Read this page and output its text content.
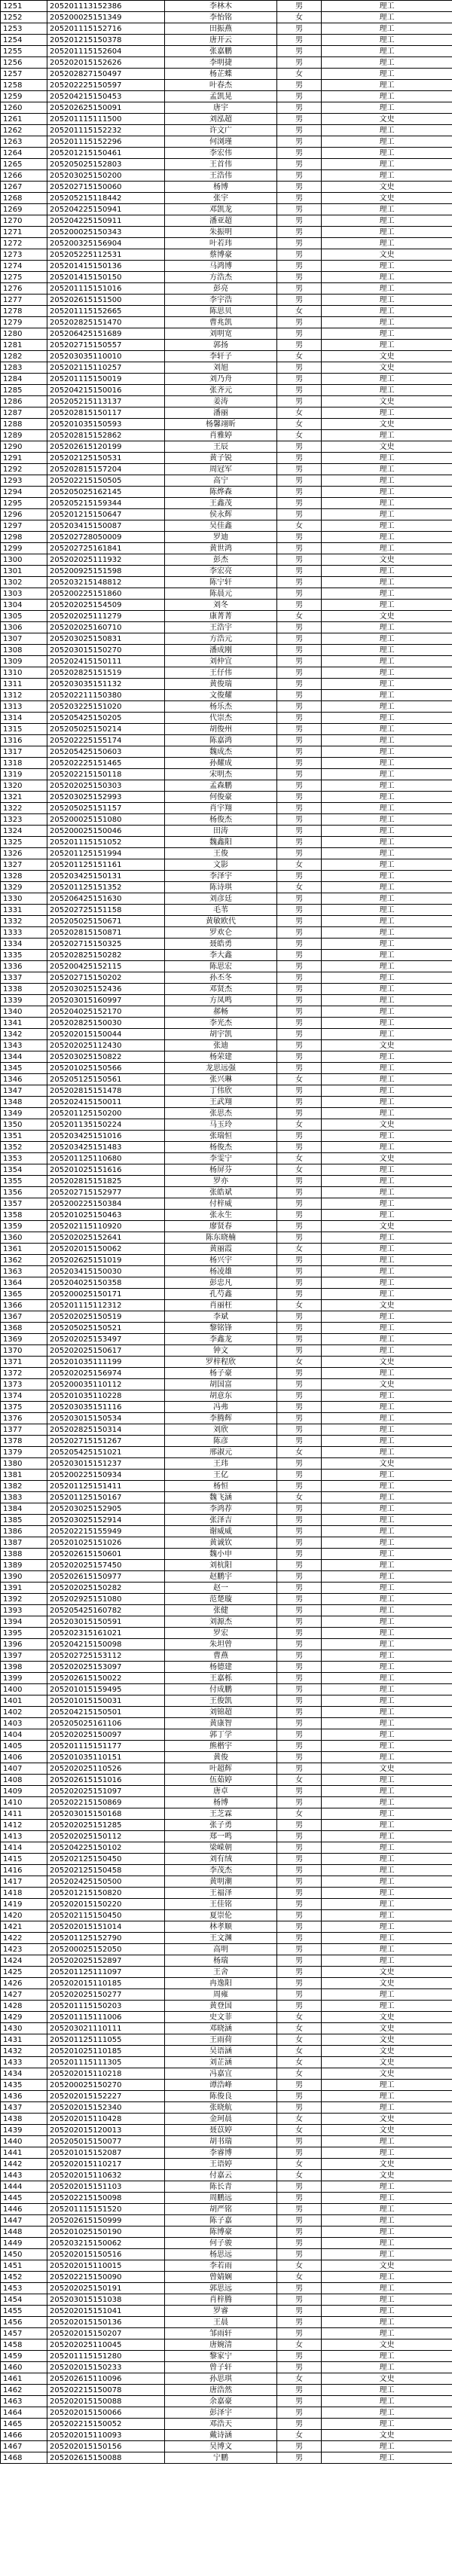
1251	205201113152386	李林木	男	理工
1252	205200025151349	李怡铭	女	理工
1253	205201115152716	田振燕	男	理工
1254	205201215150378	唐开云	男	理工
1255	205201115152604	张嘉鹏	男	理工
1256	205202015152626	李明捷	男	理工
1257	205202827150497	杨芷蝶	女	理工
1258	205202225150597	叶春杰	男	理工
1259	205204215150453	孟凯晃	男	理工
1260	205202625150091	唐宇	男	理工
1261	205201115111500	刘泓超	男	文史
1262	205201115152232	许文广	男	理工
1263	205201115152296	何浏瑾	男	理工
1264	205201215150461	李宏伟	男	理工
1265	205205025152803	王首伟	男	理工
1266	205203025150200	王浩伟	男	理工
1267	205202715150060	杨博	男	文史
1268	205205215118442	张宇	男	文史
1269	205204225150941	邓凯龙	男	理工
1270	205204225150911	潘亚超	男	理工
1271	205200025150343	朱振明	男	理工
1272	205200325156904	叶若玮	男	理工
1273	205205225112531	蔡博豪	男	文史
1274	205201415150136	马鸿博	男	理工
1275	205201415150150	方浩杰	男	理工
1276	205201115151016	彭亮	男	理工
1277	205202615151500	李宇浩	男	理工
1278	205201115152665	陈思贝	女	理工
1279	205202825151470	曹兆凯	男	理工
1280	205206425151689	刘明宽	男	理工
1281	205202715150557	郭扬	男	理工
1282	205203035110010	李轩子	女	文史
1283	205202115110257	刘旭	男	文史
1284	205201115150019	刘乃舟	男	理工
1285	205204215150016	张齐元	男	理工
1286	205205215113137	姜涛	男	文史
1287	205202815150117	潘丽	女	理工
1288	205201035150593	杨馨翊昕	女	文史
1289	205202815152862	肖雅婷	女	理工
1290	205202615120199	王辰	男	文史
1291	205202125150531	黄子锐	男	理工
1292	205202815157204	周冠军	男	理工
1293	205202215150505	高宁	男	理工
1294	205205025162145	陈烨森	男	理工
1295	205205215159344	王鑫茂	男	理工
1296	205201215150647	侯永辉	男	理工
1297	205203415150087	吴佳鑫	女	理工
1298	205202728050009	罗迪	男	理工
1299	205202725161841	黄世鸿	男	理工
1300	205202025111932	彭杰	男	文史
1301	205200925151598	李宏亮	男	理工
1302	205203215148812	陈宁轩	男	理工
1303	205200225151860	陈晨元	男	理工
1304	205202025154509	刘冬	男	理工
1305	205202025111279	康菁菁	女	文史
1306	205202025160710	王浩宇	男	理工
1307	205203025150831	方浩元	男	理工
1308	205203015150270	潘成刚	男	理工
1309	205202415150111	刘仲宜	男	理工
1310	205202825151519	王仔伟	男	理工
1311	205203035151132	黄俊瑞	男	理工
1312	205202211150380	文俊耀	男	理工
1313	205203225151020	杨乐杰	男	理工
1314	205205425150205	代崇杰	男	理工
1315	205205025150214	胡俊州	男	理工
1316	205202225155174	陈嘉鸿	男	理工
1317	205205425150603	魏成杰	男	理工
1318	205202225151465	孙耀成	男	理工
1319	205202215150118	宋明杰	男	理工
1320	205202025150303	孟森鹏	男	理工
1321	205203025152993	何俊豪	男	理工
1322	205205025151157	肖宇翔	男	理工
1323	205200025151080	杨俊杰	男	理工
1324	205200025150046	田涛	男	理工
1325	205201115151052	魏鑫阳	男	理工
1326	205201125151994	王俊	男	理工
1327	205201125151161	文影	女	理工
1328	205203425150131	李泽宇	男	理工
1329	205201125151352	陈诗琪	女	理工
1330	205206425151630	刘彦廷	男	理工
1331	205202725151158	毛苇	男	理工
1332	205205025150671	黄敏欧代	男	理工
1333	205202815150871	罗欢仑	男	理工
1334	205202715150325	聂皓勇	男	理工
1335	205202825150282	李大鑫	男	理工
1336	205200425152115	陈思宏	男	理工
1337	205202715150202	孙丕冬	男	理工
1338	205203025152436	邓贤杰	男	理工
1339	205203015160997	方凤鸣	男	理工
1340	205204025152170	郝畅	男	理工
1341	205202825150030	李光杰	男	理工
1342	205202015150044	胡宇凯	男	理工
1343	205202025112430	张迪	男	文史
1344	205203025150822	杨荣建	男	理工
1345	205201025150566	龙思远强	男	理工
1346	205205125150561	张兴琳	女	理工
1347	205202815151478	丁伟欣	男	理工
1348	205202415150011	王武翔	男	理工
1349	205201125150200	张思杰	男	理工
1350	205201135150224	马玉玲	女	文史
1351	205203425151016	张瑞恒	男	理工
1352	205203425151483	杨俊杰	男	理工
1353	205201125110680	李雯宁	女	文史
1354	205201025151616	杨屏芬	女	理工
1355	205202815151825	罗亦	男	理工
1356	205202715152977	张皓斌	男	理工
1357	205200225150384	付梓威	男	理工
1358	205201025150463	张永生	男	理工
1359	205202115110920	廖贤春	男	文史
1360	205202025152641	陈东晓楠	男	理工
1361	205202015150062	黄丽霞	女	理工
1362	205202625151019	杨兴宇	男	理工
1363	205203415150030	杨凌雄	男	理工
1364	205204025150358	彭忠凡	男	理工
1365	205200025150171	孔芍鑫	男	理工
1366	205201115112312	肖丽枉	女	文史
1367	205202025150519	李斌	男	理工
1368	205205025150521	黎铭锋	男	理工
1369	205202025153497	李鑫龙	男	理工
1370	205202025150617	钟文	男	理工
1371	205201035111199	罗梓程欣	女	文史
1372	205202025156974	杨子豪	男	理工
1373	205200035110112	胡国富	男	文史
1374	205201035110228	胡意东	男	理工
1375	205203035151116	冯弗	男	理工
1376	205203015150534	李腾辉	男	理工
1377	205202825150314	刘欣	男	理工
1378	205202715151267	陈彦	男	理工
1379	205205425151021	邢淑元	女	理工
1380	205203015151237	王玮	男	文史
1381	205200225150934	王亿	男	理工
1382	205201125151411	杨恒	男	理工
1383	205201125150167	魏飞涵	女	理工
1384	205203025152905	李鸿荐	男	理工
1385	205203025152914	张泽吉	男	理工
1386	205202215155949	谢威威	男	理工
1387	205201025151026	黄诚钦	男	理工
1388	205202615150601	魏小申	男	理工
1389	205202025157450	刘杭阳	男	理工
1390	205202615150977	赵鹏宇	男	理工
1391	205202025150282	赵一	男	理工
1392	205202925151080	范楚璇	男	理工
1393	205205425160782	张健	男	理工
1394	205203015150591	刘源杰	男	理工
1395	205202315161021	罗宏	男	理工
1396	205204215150098	朱坦曾	男	理工
1397	205202725153112	曹燕	男	理工
1398	205202025153097	杨德建	男	理工
1399	205202615150022	王嘉栎	男	理工
1400	205201015159495	付成鹏	男	理工
1401	205201015150031	王俊凯	男	理工
1402	205204215150501	刘锦超	男	理工
1403	205205025161106	黄康智	男	理工
1404	205202025150097	郭丁学	男	理工
1405	205201115151177	熊楷宇	男	理工
1406	205201035110151	黄俊	男	理工
1407	205202025110526	叶超辉	男	文史
1408	205202615151016	伍茹婷	女	理工
1409	205202025151097	唐卓	男	理工
1410	205202215150869	杨博	男	理工
1411	205203015150168	王芝霖	女	理工
1412	205202025151285	张子勇	男	理工
1413	205202025150112	郑一鸣	男	理工
1414	205204225150102	梁嵘朝	男	理工
1415	205202125150450	刘有绒	男	理工
1416	205202125150458	李茂杰	男	理工
1417	205202425150500	黄明潮	男	理工
1418	205201215150820	王福泽	男	理工
1419	205202015150220	王佳铭	男	理工
1420	205202115150450	夏崇伦	男	理工
1421	205202015151014	林孝顺	男	理工
1422	205201125152790	王文渊	男	理工
1423	205200025152050	高明	男	理工
1424	205202025152897	杨瑞	男	理工
1425	205201125111097	王舍	男	文史
1426	205202015110185	冉逸阳	男	文史
1427	205202025150277	周雍	男	理工
1428	205201115150203	黄登国	男	理工
1429	205201115111006	史文菲	女	文史
1430	205203021110111	邓晓涵	女	文史
1431	205201125111055	王雨荷	女	文史
1432	205201025110185	吴语涵	女	文史
1433	205201115111305	刘芷涵	女	文史
1434	205202015110218	冯嘉宜	女	文史
1435	205200025150270	谭浩峰	男	理工
1436	205202015152227	陈俊良	男	理工
1437	205202015152340	张晓航	男	理工
1438	205202015110428	金珂晨	女	文史
1439	205202015120013	聂苡婷	女	文史
1440	205205015150077	胡书瑞	男	理工
1441	205201015152087	李睿博	男	理工
1442	205202015110217	王语婷	女	文史
1443	205202015110632	付嘉云	女	文史
1444	205202015151103	陈长青	男	理工
1445	205202215150098	周鹏远	男	理工
1446	205201115151520	胡严铭	男	理工
1447	205202615150999	陈子嘉	男	理工
1448	205201025150190	陈博豪	男	理工
1449	205203215150062	何子骏	男	理工
1450	205202015150516	杨思远	男	理工
1451	205202015110015	李若雨	女	文史
1452	205202215150090	曾婧娴	女	理工
1453	205202025150191	郭思远	男	理工
1454	205203015151038	肖梓腾	男	理工
1455	205202015151041	罗睿	男	理工
1456	205202015150136	王晨	男	理工
1457	205202015150207	邹雨轩	男	理工
1458	205202025110045	唐婉清	女	文史
1459	205201115151280	黎家宁	男	理工
1460	205202015150233	曾子轩	男	理工
1461	205202615110096	孙思琪	女	文史
1462	205202215150078	唐浩然	男	理工
1463	205202015150088	余嘉豪	男	理工
1464	205202015150066	彭泽宇	男	理工
1465	205202215150052	邓浩天	男	理工
1466	205202015110093	戴诗涵	女	文史
1467	205202015150156	吴博文	男	理工
1468	205202615150088	宁鹏	男	理工
